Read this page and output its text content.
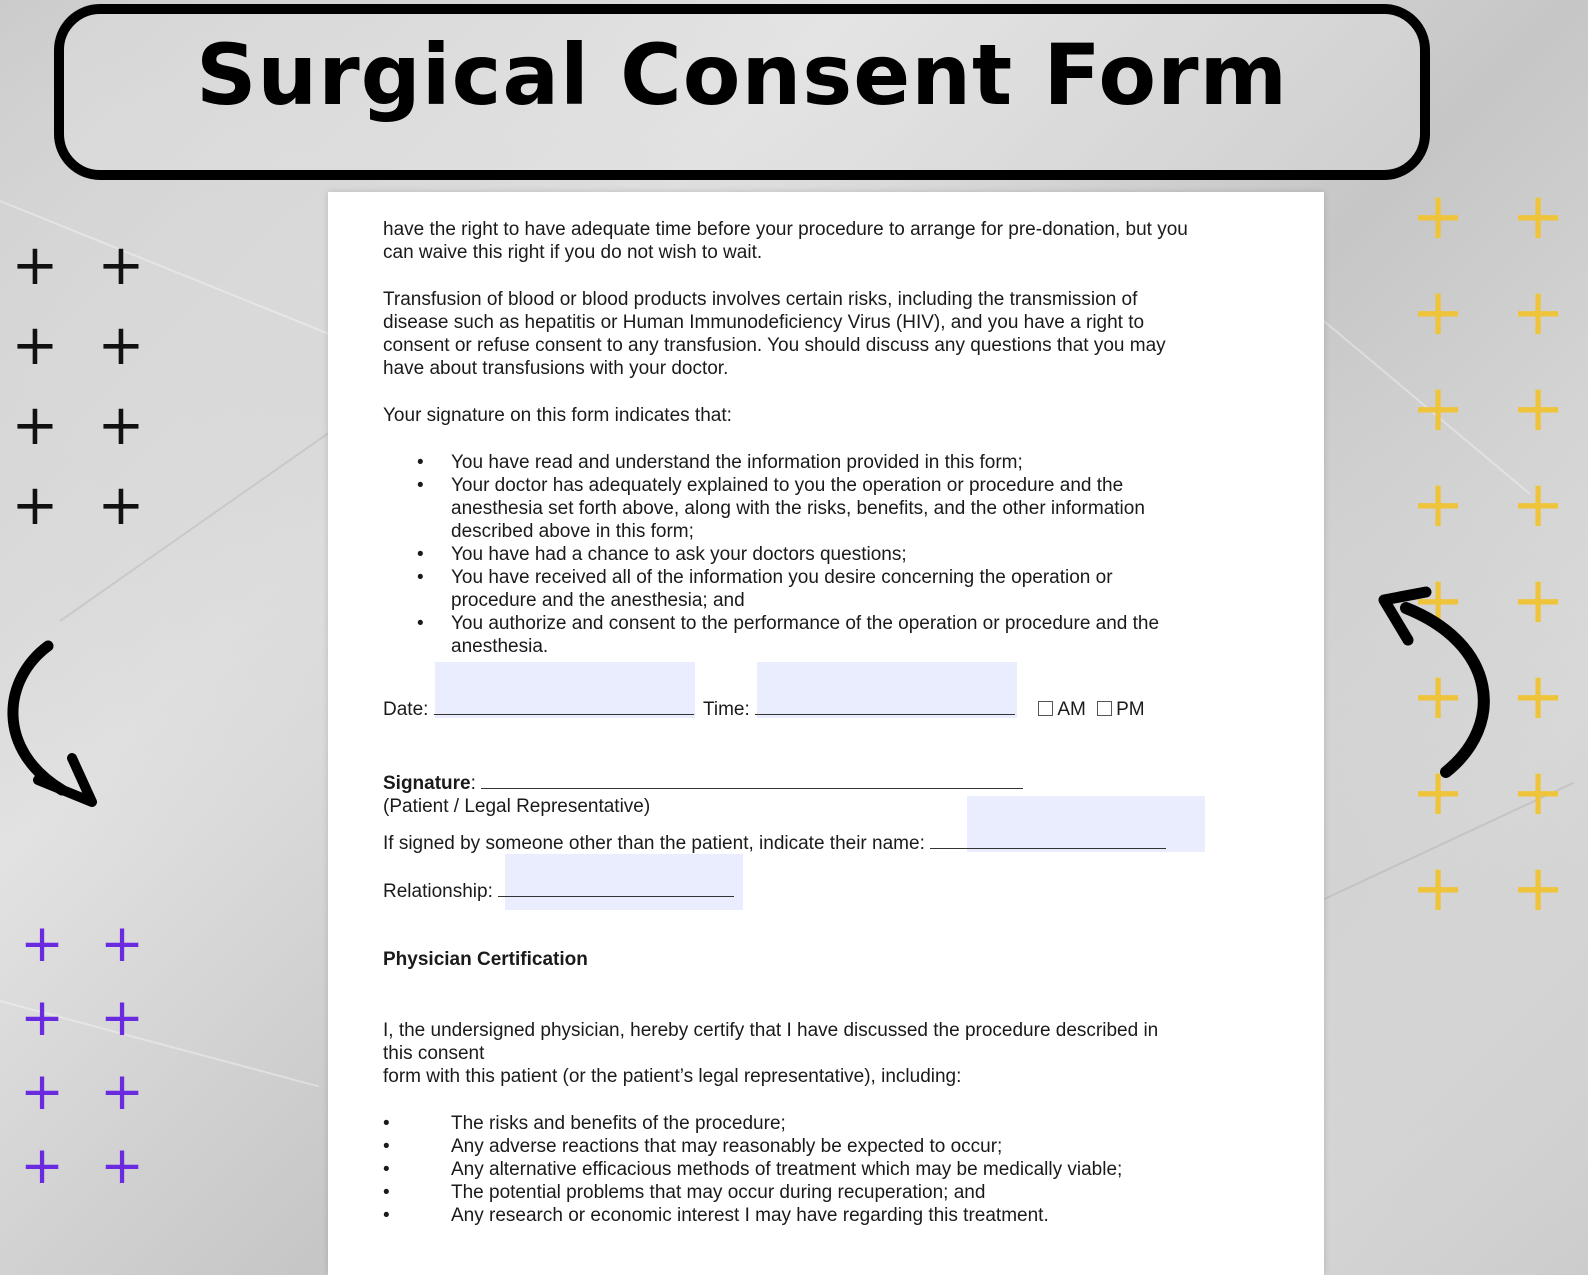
Surgical Consent Form
+ +
+ +
+ +
+ +
+ +
+ +
+ +
+ +
+ +
+ +
+ +
+ +
+ +
+ +
+ +
+ +

have the right to have adequate time before your procedure to arrange for pre-donation, but you

can waive this right if you do not wish to wait.

Transfusion of blood or blood products involves certain risks, including the transmission of

disease such as hepatitis or Human Immunodeficiency Virus (HIV), and you have a right to

consent or refuse consent to any transfusion. You should discuss any questions that you may

have about transfusions with your doctor.

Your signature on this form indicates that:

• You have read and understand the information provided in this form;
• Your doctor has adequately explained to you the operation or procedure and the
anesthesia set forth above, along with the risks, benefits, and the other information
described above in this form;
• You have had a chance to ask your doctors questions;
• You have received all of the information you desire concerning the operation or
procedure and the anesthesia; and
• You authorize and consent to the performance of the operation or procedure and the
anesthesia.
Date:	Time:	AM PM

Signature:

(Patient / Legal Representative)

If signed by someone other than the patient, indicate their name:
Relationship:

Physician Certification

I, the undersigned physician, hereby certify that I have discussed the procedure described in

this consent

form with this patient (or the patient’s legal representative), including:

• The risks and benefits of the procedure;
• Any adverse reactions that may reasonably be expected to occur;
• Any alternative efficacious methods of treatment which may be medically viable;
• The potential problems that may occur during recuperation; and
• Any research or economic interest I may have regarding this treatment.
